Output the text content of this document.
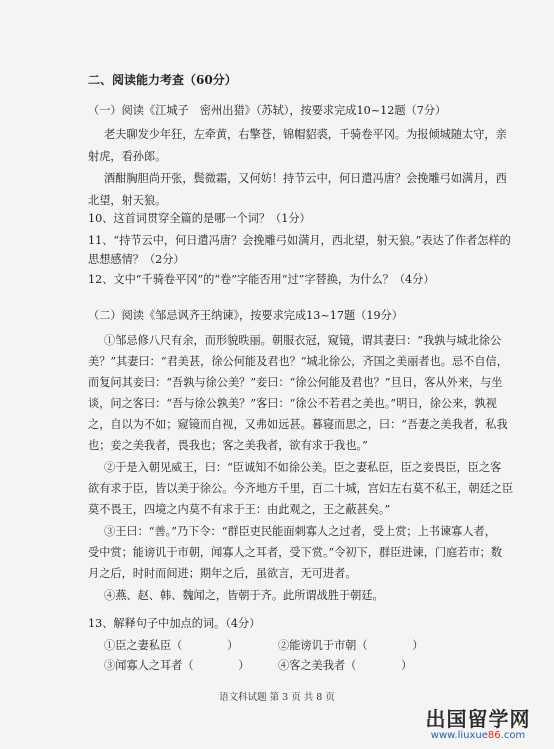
二、阅读能力考查（60分）
（一）阅读《江城子　密州出猎》（苏轼），按要求完成10~12题（7分）
老夫聊发少年狂，左牵黄，右擎苍，锦帽貂裘，千骑卷平冈。为报倾城随太守，亲
射虎，看孙郎。
酒酣胸胆尚开张，鬓微霜，又何妨！持节云中，何日遣冯唐？会挽雕弓如满月，西
北望，射天狼。
10、这首词贯穿全篇的是哪一个词？（1分）
11、“持节云中，何日遣冯唐？会挽雕弓如满月，西北望，射天狼。”表达了作者怎样的
思想感情？（2分）
12、文中“千骑卷平冈”的“卷”字能否用“过”字替换，为什么？（4分）
（二）阅读《邹忌讽齐王纳谏》，按要求完成13~17题（19分）
①邹忌修八尺有余，而形貌昳丽。朝服衣冠，窥镜，谓其妻曰：“我孰与城北徐公
美？”其妻曰：“君美甚，徐公何能及君也？”城北徐公，齐国之美丽者也。忌不自信，
而复问其妾曰：“吾孰与徐公美？”妾曰：“徐公何能及君也？”旦日，客从外来，与坐
谈，问之客曰：“吾与徐公孰美？”客曰：“徐公不若君之美也。”明日，徐公来，孰视
之，自以为不如；窥镜而自视，又弗如远甚。暮寝而思之，曰：“吾妻之美我者，私我
也；妾之美我者，畏我也；客之美我者，欲有求于我也。”
②于是入朝见威王，曰：“臣诚知不如徐公美。臣之妻私臣，臣之妾畏臣，臣之客
欲有求于臣，皆以美于徐公。今齐地方千里，百二十城，宫妇左右莫不私王，朝廷之臣
莫不畏王，四境之内莫不有求于王：由此观之，王之蔽甚矣。”
③王曰：“善。”乃下令：“群臣吏民能面刺寡人之过者，受上赏；上书谏寡人者，
受中赏；能谤讥于市朝，闻寡人之耳者，受下赏。”令初下，群臣进谏，门庭若市；数
月之后，时时而间进；期年之后，虽欲言，无可进者。
④燕、赵、韩、魏闻之，皆朝于齐。此所谓战胜于朝廷。
13、解释句子中加点的词。（4分）
①臣之妻私臣（　　　　）	②能谤讥于市朝（　　　　）
③闻寡人之耳者（　　　　）	④客之美我者（　　　　）
语文科试题 第 3 页 共 8 页
出国留学网
www.liuxue86.com
